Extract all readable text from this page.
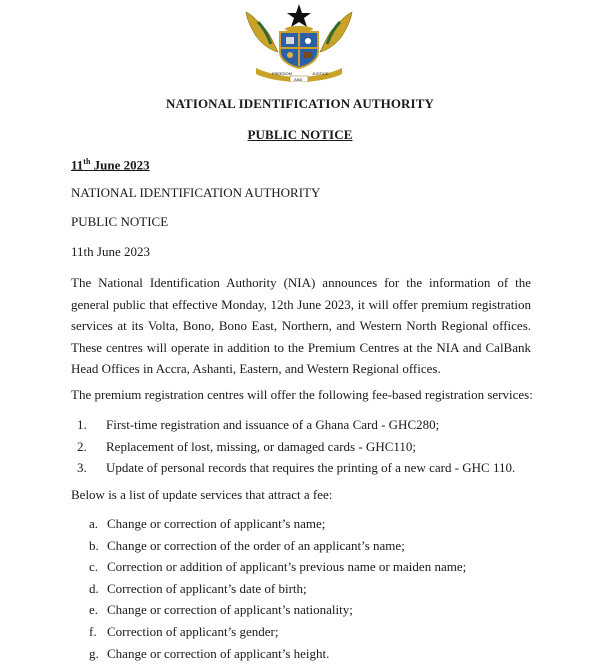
FREEDOM	JUSTICE
AND
NATIONAL IDENTIFICATION AUTHORITY
PUBLIC NOTICE
11th June 2023
NATIONAL IDENTIFICATION AUTHORITY
PUBLIC NOTICE
11th June 2023
The National Identification Authority (NIA) announces for the information of the general public that effective Monday, 12th June 2023, it will offer premium registration services at its Volta, Bono, Bono East, Northern, and Western North Regional offices. These centres will operate in addition to the Premium Centres at the NIA and CalBank Head Offices in Accra, Ashanti, Eastern, and Western Regional offices.
The premium registration centres will offer the following fee-based registration services:
1. First-time registration and issuance of a Ghana Card - GHC280;
2. Replacement of lost, missing, or damaged cards - GHC110;
3. Update of personal records that requires the printing of a new card - GHC 110.
Below is a list of update services that attract a fee:
a. Change or correction of applicant’s name;
b. Change or correction of the order of an applicant’s name;
c. Correction or addition of applicant’s previous name or maiden name;
d. Correction of applicant’s date of birth;
e. Change or correction of applicant’s nationality;
f. Correction of applicant’s gender;
g. Change or correction of applicant’s height.
